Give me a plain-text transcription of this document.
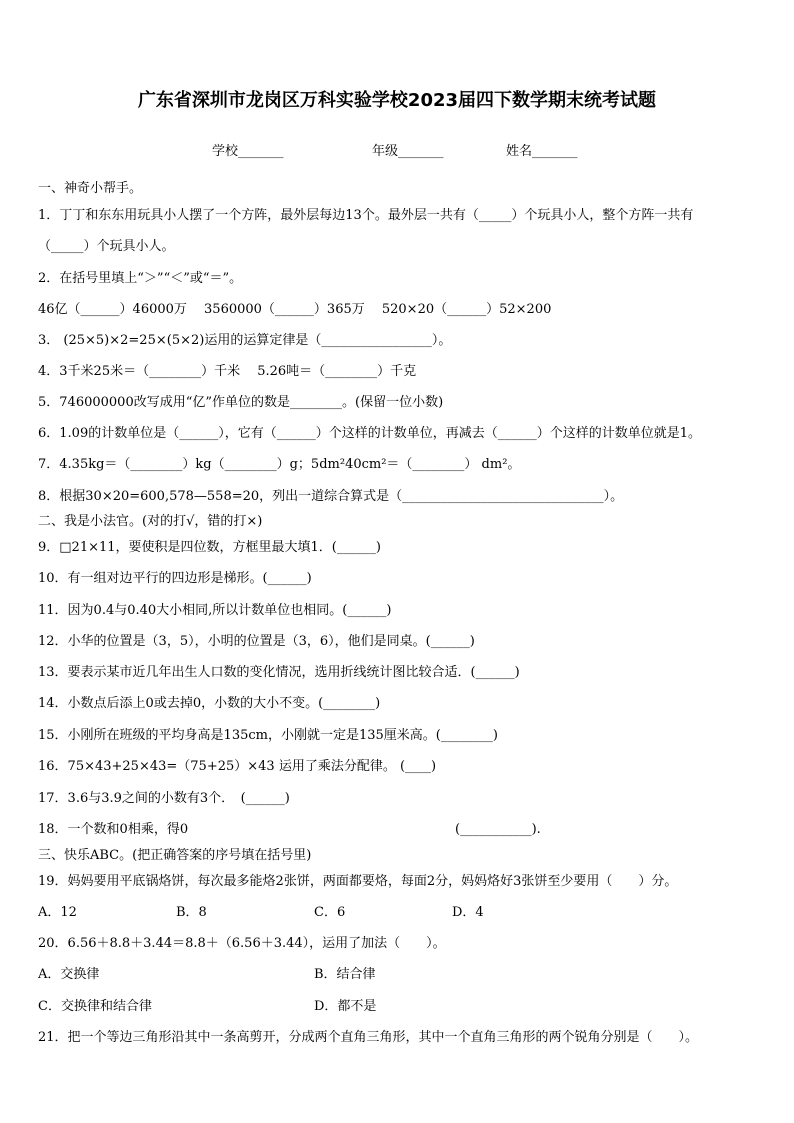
广东省深圳市龙岗区万科实验学校2023届四下数学期末统考试题
学校_______	年级_______	姓名_______
一、神奇小帮手。
1．丁丁和东东用玩具小人摆了一个方阵，最外层每边13个。最外层一共有（_____）个玩具小人，整个方阵一共有
（_____）个玩具小人。
2．在括号里填上“＞”“＜”或“＝”。
46亿（______）46000万　 3560000（______）365万　 520×20（______）52×200
3． (25×5)×2=25×(5×2)运用的运算定律是（_________________）。
4．3千米25米＝（________）千米　 5.26吨＝（________）千克
5．746000000改写成用“亿”作单位的数是________。(保留一位小数)
6．1.09的计数单位是（______），它有（______）个这样的计数单位，再减去（______）个这样的计数单位就是1。
7．4.35kg＝（________）kg（________）g；5dm²40cm²＝（________） dm²。
8．根据30×20=600,578—558=20，列出一道综合算式是（_______________________________）。
二、我是小法官。(对的打√，错的打×)
9．□21×11，要使积是四位数，方框里最大填1．(______)
10．有一组对边平行的四边形是梯形。(______)
11．因为0.4与0.40大小相同,所以计数单位也相同。(______)
12．小华的位置是（3，5），小明的位置是（3，6），他们是同桌。(______)
13．要表示某市近几年出生人口数的变化情况，选用折线统计图比较合适．(______)
14．小数点后添上0或去掉0，小数的大小不变。(________)
15．小刚所在班级的平均身高是135cm，小刚就一定是135厘米高。(________)
16．75×43+25×43=（75+25）×43 运用了乘法分配律。 (____)
17．3.6与3.9之间的小数有3个．　(______)
18．一个数和0相乘，得0	(___________).
三、快乐ABC。(把正确答案的序号填在括号里)
19．妈妈要用平底锅烙饼，每次最多能烙2张饼，两面都要烙，每面2分，妈妈烙好3张饼至少要用（　　）分。
A．12	B．8	C．6	D．4
20．6.56＋8.8＋3.44＝8.8＋（6.56＋3.44），运用了加法（　　）。
A．交换律	B．结合律
C．交换律和结合律	D．都不是
21．把一个等边三角形沿其中一条高剪开，分成两个直角三角形，其中一个直角三角形的两个锐角分别是（　　）。
